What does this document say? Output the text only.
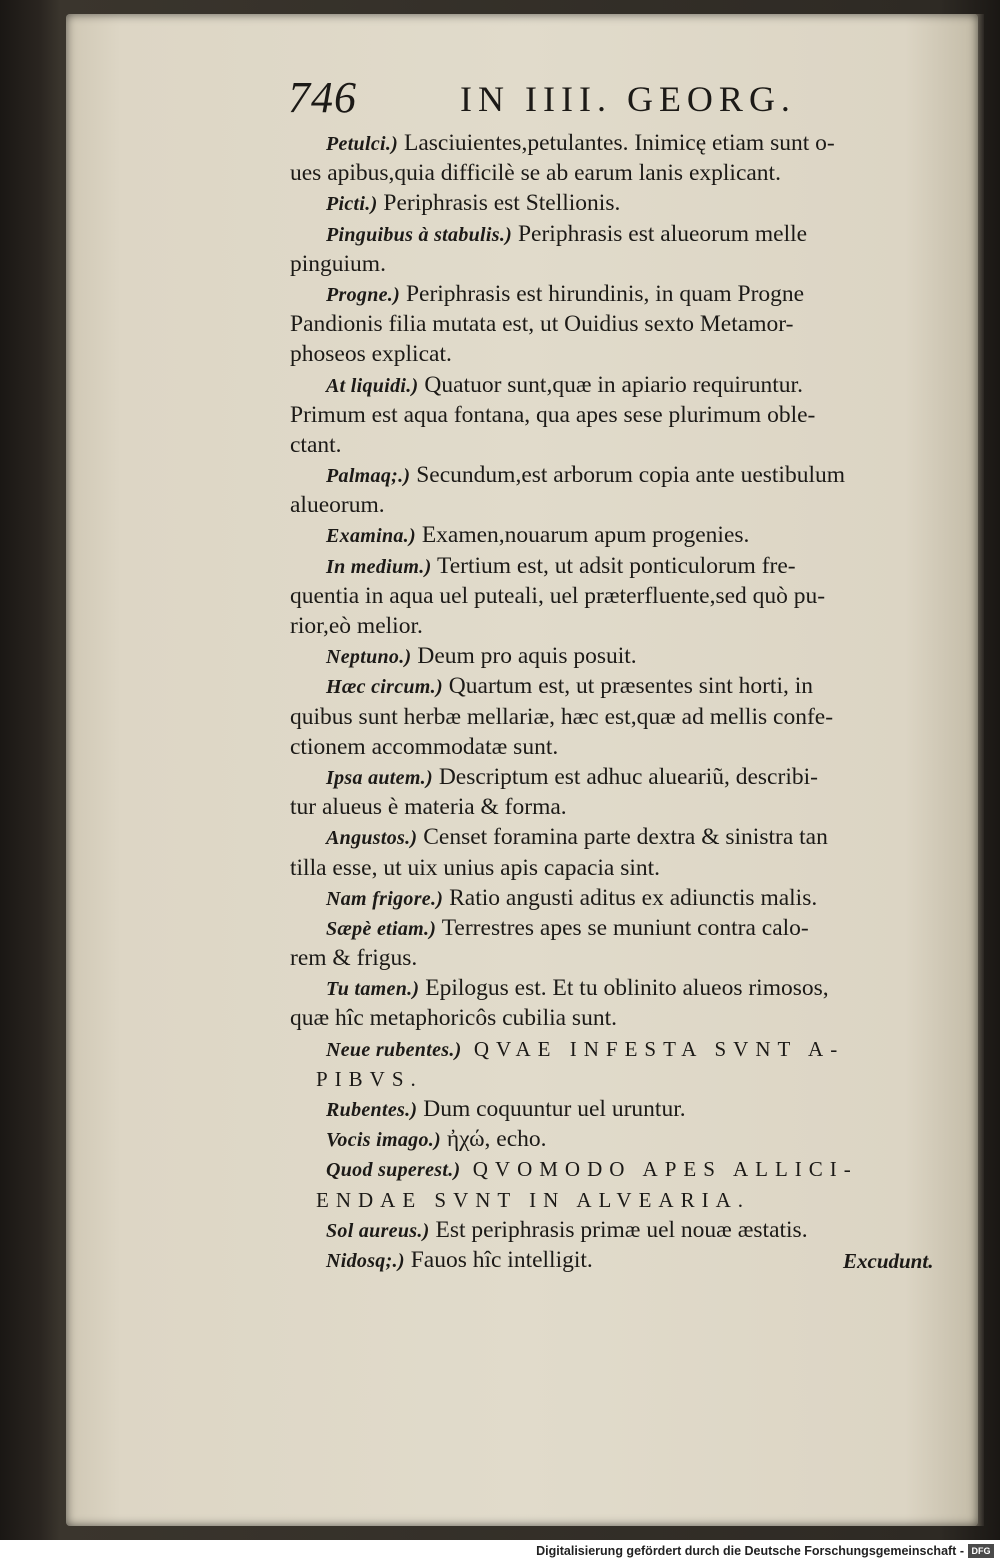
746	IN IIII. GEORG.
Petulci.) Lasciuientes,petulantes. Inimicę etiam sunt o-
ues apibus,quia difficilè se ab earum lanis explicant.
Picti.) Periphrasis est Stellionis.
Pinguibus à stabulis.) Periphrasis est alueorum melle
pinguium.
Progne.) Periphrasis est hirundinis, in quam Progne
Pandionis filia mutata est, ut Ouidius sexto Metamor-
phoseos explicat.
At liquidi.) Quatuor sunt,quæ in apiario requiruntur.
Primum est aqua fontana, qua apes sese plurimum oble-
ctant.
Palmaq;.) Secundum,est arborum copia ante uestibulum
alueorum.
Examina.) Examen,nouarum apum progenies.
In medium.) Tertium est, ut adsit ponticulorum fre-
quentia in aqua uel puteali, uel præterfluente,sed quò pu-
rior,eò melior.
Neptuno.) Deum pro aquis posuit.
Hæc circum.) Quartum est, ut præsentes sint horti, in
quibus sunt herbæ mellariæ, hæc est,quæ ad mellis confe-
ctionem accommodatæ sunt.
Ipsa autem.) Descriptum est adhuc alueariũ, describi-
tur alueus è materia & forma.
Angustos.) Censet foramina parte dextra & sinistra tan
tilla esse, ut uix unius apis capacia sint.
Nam frigore.) Ratio angusti aditus ex adiunctis malis.
Sæpè etiam.) Terrestres apes se muniunt contra calo-
rem & frigus.
Tu tamen.) Epilogus est. Et tu oblinito alueos rimosos,
quæ hîc metaphoricôs cubilia sunt.
Neue rubentes.) QVAE INFESTA SVNT A-
PIBVS.
Rubentes.) Dum coquuntur uel uruntur.
Vocis imago.) ἠχώ, echo.
Quod superest.) QVOMODO APES ALLICI-
ENDAE SVNT IN ALVEARIA.
Sol aureus.) Est periphrasis primæ uel nouæ æstatis.
Nidosq;.) Fauos hîc intelligit.	Excudunt.
Digitalisierung gefördert durch die Deutsche Forschungsgemeinschaft - DFG
